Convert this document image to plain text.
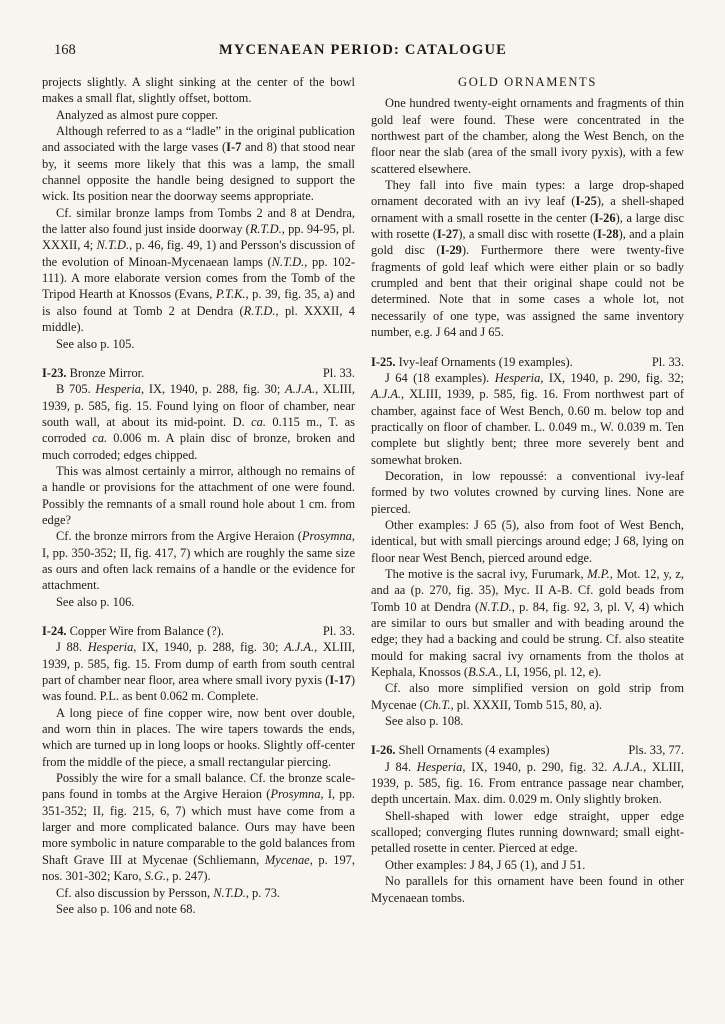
168	MYCENAEAN PERIOD: CATALOGUE

projects slightly. A slight sinking at the center of the bowl makes a small flat, slightly offset, bottom.

Analyzed as almost pure copper.

Although referred to as a “ladle” in the original publication and associated with the large vases (I-7 and 8) that stood near by, it seems more likely that this was a lamp, the small channel opposite the handle being designed to support the wick. Its position near the doorway seems appropriate.

Cf. similar bronze lamps from Tombs 2 and 8 at Dendra, the latter also found just inside doorway (R.T.D., pp. 94-95, pl. XXXII, 4; N.T.D., p. 46, fig. 49, 1) and Persson's discussion of the evolution of Minoan-Mycenaean lamps (N.T.D., pp. 102-111). A more elaborate version comes from the Tomb of the Tripod Hearth at Knossos (Evans, P.T.K., p. 39, fig. 35, a) and is also found at Tomb 2 at Dendra (R.T.D., pl. XXXII, 4 middle).

See also p. 105.

I-23. Bronze Mirror.	Pl. 33.

B 705. Hesperia, IX, 1940, p. 288, fig. 30; A.J.A., XLIII, 1939, p. 585, fig. 15. Found lying on floor of chamber, near south wall, at about its mid-point. D. ca. 0.115 m., T. as corroded ca. 0.006 m. A plain disc of bronze, broken and much corroded; edges chipped.

This was almost certainly a mirror, although no remains of a handle or provisions for the attachment of one were found. Possibly the remnants of a small round hole about 1 cm. from edge?

Cf. the bronze mirrors from the Argive Heraion (Prosymna, I, pp. 350-352; II, fig. 417, 7) which are roughly the same size as ours and often lack remains of a handle or the evidence for attachment.

See also p. 106.

I-24. Copper Wire from Balance (?).	Pl. 33.

J 88. Hesperia, IX, 1940, p. 288, fig. 30; A.J.A., XLIII, 1939, p. 585, fig. 15. From dump of earth from south central part of chamber near floor, area where small ivory pyxis (I-17) was found. P.L. as bent 0.062 m. Complete.

A long piece of fine copper wire, now bent over double, and worn thin in places. The wire tapers towards the ends, which are turned up in long loops or hooks. Slightly off-center from the middle of the piece, a small rectangular piercing.

Possibly the wire for a small balance. Cf. the bronze scale-pans found in tombs at the Argive Heraion (Prosymna, I, pp. 351-352; II, fig. 215, 6, 7) which must have come from a larger and more complicated balance. Ours may have been more symbolic in nature comparable to the gold balances from Shaft Grave III at Mycenae (Schliemann, Mycenae, p. 197, nos. 301-302; Karo, S.G., p. 247).

Cf. also discussion by Persson, N.T.D., p. 73.

See also p. 106 and note 68.

GOLD ORNAMENTS

One hundred twenty-eight ornaments and fragments of thin gold leaf were found. These were concentrated in the northwest part of the chamber, along the West Bench, on the floor near the slab (area of the small ivory pyxis), with a few scattered elsewhere.

They fall into five main types: a large drop-shaped ornament decorated with an ivy leaf (I-25), a shell-shaped ornament with a small rosette in the center (I-26), a large disc with rosette (I-27), a small disc with rosette (I-28), and a plain gold disc (I-29). Furthermore there were twenty-five fragments of gold leaf which were either plain or so badly crumpled and bent that their original shape could not be determined. Note that in some cases a whole lot, not necessarily of one type, was assigned the same inventory number, e.g. J 64 and J 65.

I-25. Ivy-leaf Ornaments (19 examples).	Pl. 33.

J 64 (18 examples). Hesperia, IX, 1940, p. 290, fig. 32; A.J.A., XLIII, 1939, p. 585, fig. 16. From northwest part of chamber, against face of West Bench, 0.60 m. below top and practically on floor of chamber. L. 0.049 m., W. 0.039 m. Ten complete but slightly bent; three more severely bent and somewhat broken.

Decoration, in low repoussé: a conventional ivy-leaf formed by two volutes crowned by curving lines. None are pierced.

Other examples: J 65 (5), also from foot of West Bench, identical, but with small piercings around edge; J 68, lying on floor near West Bench, pierced around edge.

The motive is the sacral ivy, Furumark, M.P., Mot. 12, y, z, and aa (p. 270, fig. 35), Myc. II A-B. Cf. gold beads from Tomb 10 at Dendra (N.T.D., p. 84, fig. 92, 3, pl. V, 4) which are similar to ours but smaller and with beading around the edge; they had a backing and could be strung. Cf. also steatite mould for making sacral ivy ornaments from the tholos at Kephala, Knossos (B.S.A., LI, 1956, pl. 12, e).

Cf. also more simplified version on gold strip from Mycenae (Ch.T., pl. XXXII, Tomb 515, 80, a).

See also p. 108.

I-26. Shell Ornaments (4 examples)	Pls. 33, 77.

J 84. Hesperia, IX, 1940, p. 290, fig. 32. A.J.A., XLIII, 1939, p. 585, fig. 16. From entrance passage near chamber, depth uncertain. Max. dim. 0.029 m. Only slightly broken.

Shell-shaped with lower edge straight, upper edge scalloped; converging flutes running downward; small eight-petalled rosette in center. Pierced at edge.

Other examples: J 84, J 65 (1), and J 51.

No parallels for this ornament have been found in other Mycenaean tombs.
